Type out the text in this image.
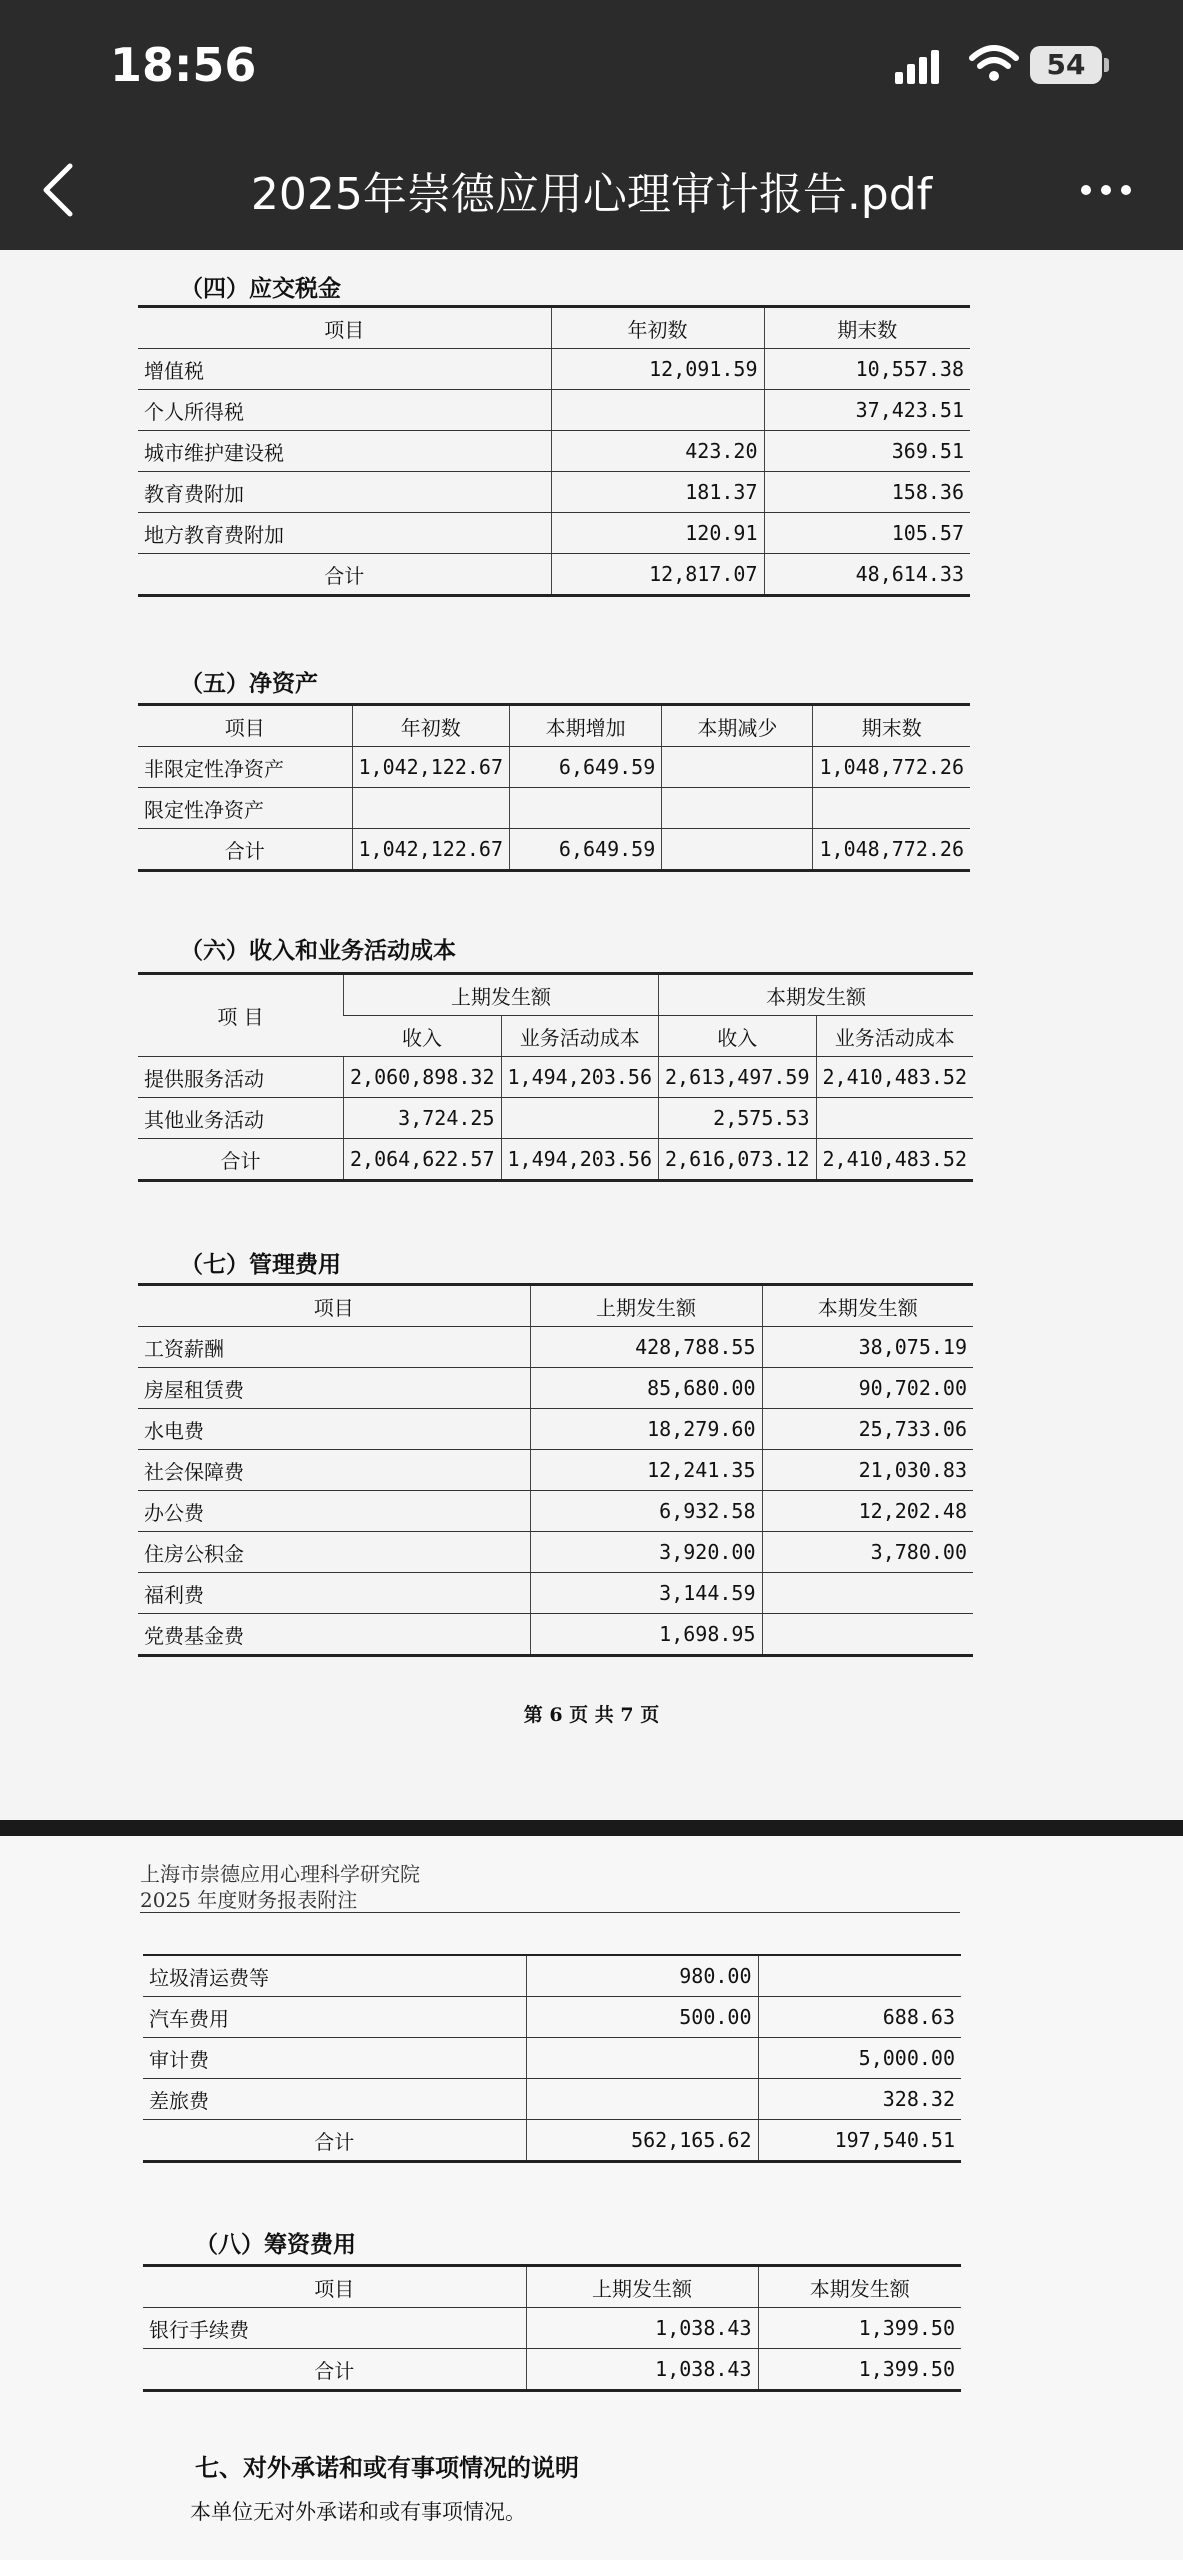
18:56	54
2025年崇德应用心理审计报告.pdf
（四）应交税金
项目	年初数	期末数
增值税	12,091.59	10,557.38
个人所得税		37,423.51
城市维护建设税	423.20	369.51
教育费附加	181.37	158.36
地方教育费附加	120.91	105.57
合计	12,817.07	48,614.33
（五）净资产
项目	年初数	本期增加	本期减少	期末数
非限定性净资产	1,042,122.67	6,649.59		1,048,772.26
限定性净资产				
合计	1,042,122.67	6,649.59		1,048,772.26
（六）收入和业务活动成本
项 目	上期发生额		本期发生额	
	收入	业务活动成本	收入	业务活动成本
提供服务活动	2,060,898.32	1,494,203.56	2,613,497.59	2,410,483.52
其他业务活动	3,724.25		2,575.53	
合计	2,064,622.57	1,494,203.56	2,616,073.12	2,410,483.52
（七）管理费用
项目	上期发生额	本期发生额
工资薪酬	428,788.55	38,075.19
房屋租赁费	85,680.00	90,702.00
水电费	18,279.60	25,733.06
社会保障费	12,241.35	21,030.83
办公费	6,932.58	12,202.48
住房公积金	3,920.00	3,780.00
福利费	3,144.59	
党费基金费	1,698.95	
第 6 页 共 7 页
上海市崇德应用心理科学研究院
2025 年度财务报表附注
垃圾清运费等	980.00	
汽车费用	500.00	688.63
审计费		5,000.00
差旅费		328.32
合计	562,165.62	197,540.51
（八）筹资费用
项目	上期发生额	本期发生额
银行手续费	1,038.43	1,399.50
合计	1,038.43	1,399.50
七、对外承诺和或有事项情况的说明
本单位无对外承诺和或有事项情况。
